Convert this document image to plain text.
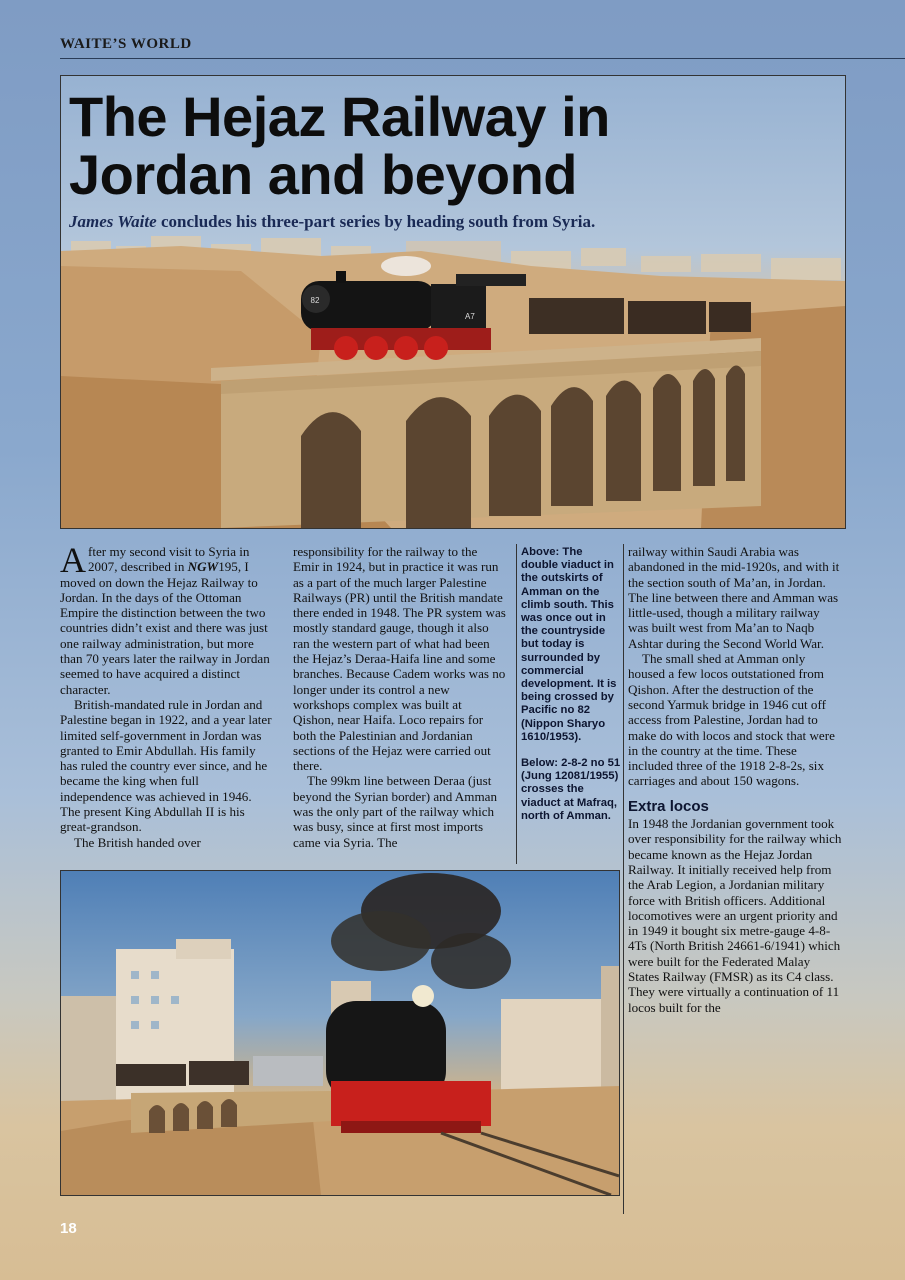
WAITE’S WORLD
82
A7
The Hejaz Railway in
Jordan and beyond
James Waite concludes his three-part series by heading south from Syria.

After my second visit to Syria in 2007, described in NGW195, I moved on down the Hejaz Railway to Jordan. In the days of the Ottoman Empire the distinction between the two countries didn’t exist and there was just one railway administration, but more than 70 years later the railway in Jordan seemed to have acquired a distinct character.

British-mandated rule in Jordan and Palestine began in 1922, and a year later limited self-government in Jordan was granted to Emir Abdullah. His family has ruled the country ever since, and he became the king when full independence was achieved in 1946. The present King Abdullah II is his great-grandson.

The British handed over

responsibility for the railway to the Emir in 1924, but in practice it was run as a part of the much larger Palestine Railways (PR) until the British mandate there ended in 1948. The PR system was mostly standard gauge, though it also ran the western part of what had been the Hejaz’s Deraa-Haifa line and some branches. Because Cadem works was no longer under its control a new workshops complex was built at Qishon, near Haifa. Loco repairs for both the Palestinian and Jordanian sections of the Hejaz were carried out there.

The 99km line between Deraa (just beyond the Syrian border) and Amman was the only part of the railway which was busy, since at first most imports came via Syria. The

Above: The double viaduct in the outskirts of Amman on the climb south. This was once out in the countryside but today is surrounded by commercial development. It is being crossed by Pacific no 82 (Nippon Sharyo 1610/1953).

Below: 2-8-2 no 51 (Jung 12081/1955) crosses the viaduct at Mafraq, north of Amman.

railway within Saudi Arabia was abandoned in the mid-1920s, and with it the section south of Ma’an, in Jordan. The line between there and Amman was little-used, though a military railway was built west from Ma’an to Naqb Ashtar during the Second World War.

The small shed at Amman only housed a few locos outstationed from Qishon. After the destruction of the second Yarmuk bridge in 1946 cut off access from Palestine, Jordan had to make do with locos and stock that were in the country at the time. These included three of the 1918 2-8-2s, six carriages and about 150 wagons.

Extra locos

In 1948 the Jordanian government took over responsibility for the railway which became known as the Hejaz Jordan Railway. It initially received help from the Arab Legion, a Jordanian military force with British officers. Additional locomotives were an urgent priority and in 1949 it bought six metre-gauge 4-8-4Ts (North British 24661-6/1941) which were built for the Federated Malay States Railway (FMSR) as its C4 class. They were virtually a continuation of 11 locos built for the

18
